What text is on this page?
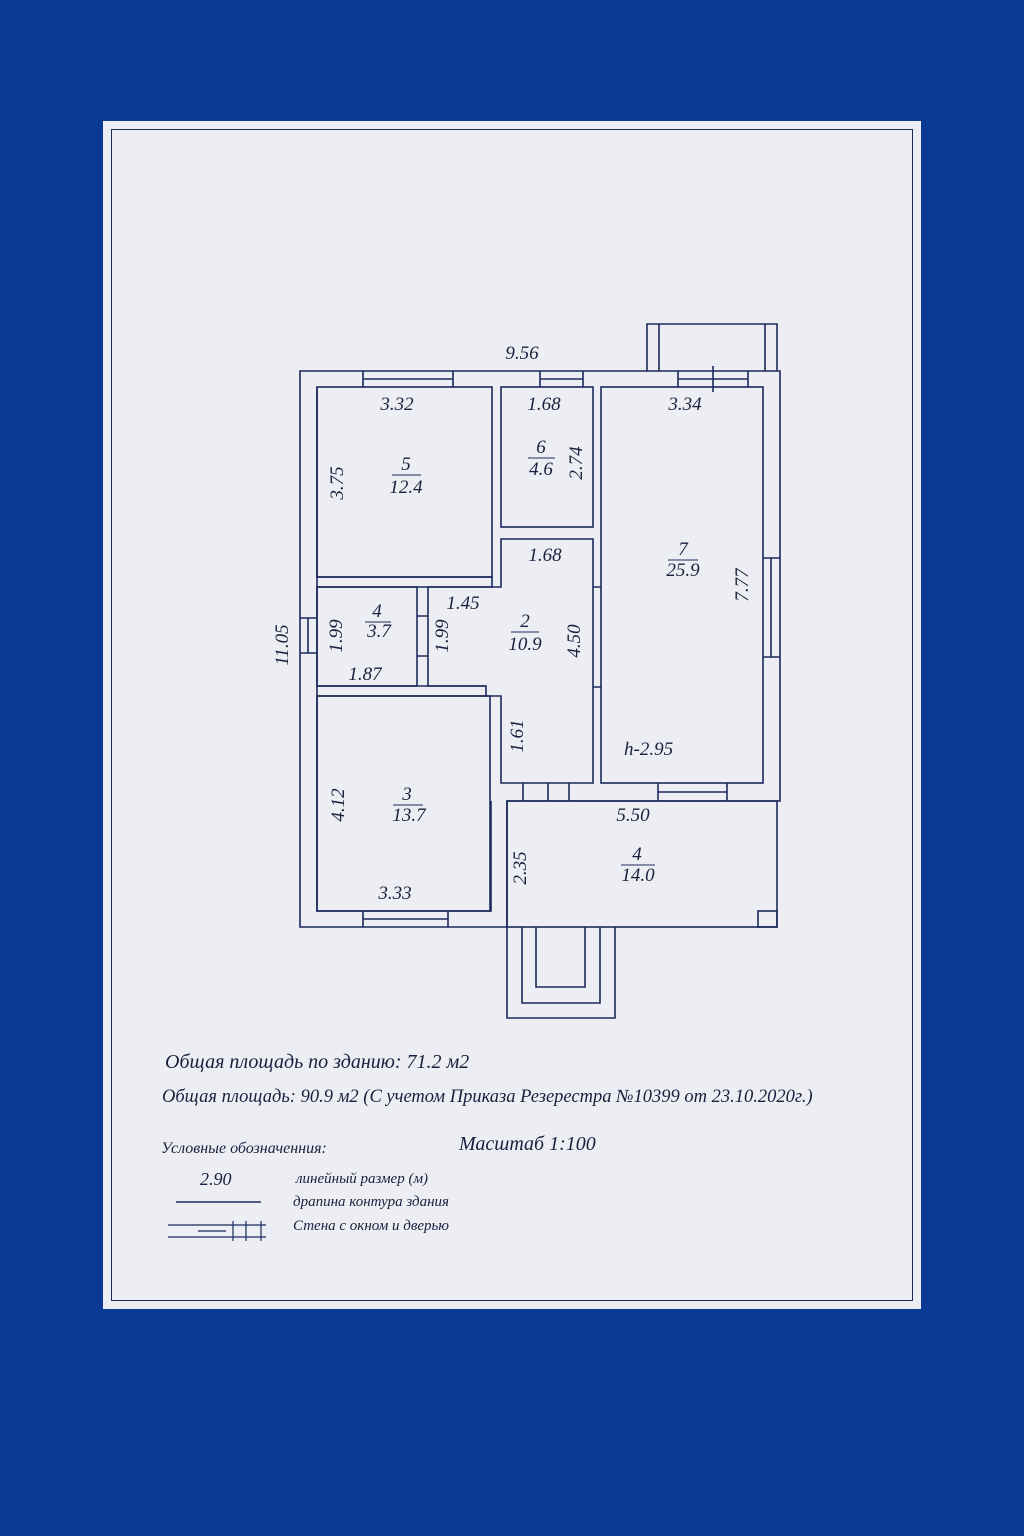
9.56
11.05
3.32
3.75
5
12.4
1.68
2.74
6
4.6
3.34
7.77
7
25.9
h-2.95
1.68
1.45
4.50
1.61
2
10.9
1.87
1.99	1.99
4
3.7
3.33
4.12	3
13.7	5.50
2.35	4
14.0
Общая площадь по зданию: 71.2 м2
Общая площадь: 90.9 м2 (С учетом Приказа Резерестра №10399 от 23.10.2020г.)
Условные обозначенния:	Масштаб 1:100
2.90	линейный размер (м)
драпина контура здания
Стена с окном и дверью
